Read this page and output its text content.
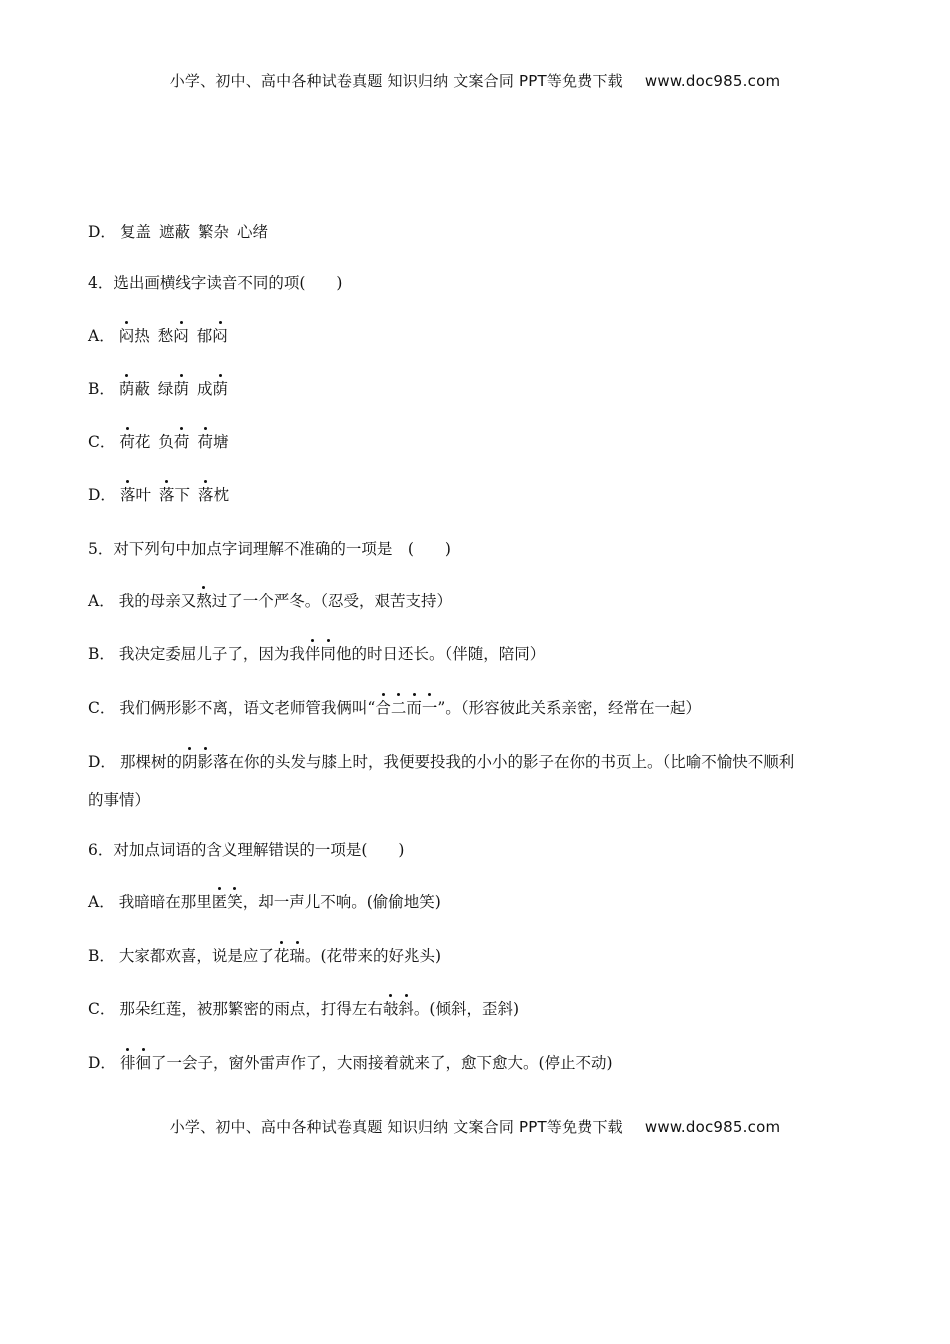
小学、初中、高中各种试卷真题 知识归纳 文案合同 PPT等免费下载 www.doc985.com
D． 复盖 遮蔽 繁杂 心绪
4．选出画横线字读音不同的项(　　)
A． 闷热 愁闷 郁闷
B． 荫蔽 绿荫 成荫
C． 荷花 负荷 荷塘
D． 落叶 落下 落枕
5．对下列句中加点字词理解不准确的一项是　(　　)
A． 我的母亲又熬过了一个严冬。（忍受，艰苦支持）
B． 我决定委屈儿子了，因为我伴同他的时日还长。（伴随，陪同）
C． 我们俩形影不离，语文老师管我俩叫“合二而一”。（形容彼此关系亲密，经常在一起）
D． 那棵树的阴影落在你的头发与膝上时，我便要投我的小小的影子在你的书页上。（比喻不愉快不顺利
的事情）
6．对加点词语的含义理解错误的一项是(　　)
A． 我暗暗在那里匿笑，却一声儿不响。(偷偷地笑)
B． 大家都欢喜，说是应了花瑞。(花带来的好兆头)
C． 那朵红莲，被那繁密的雨点，打得左右攲斜。(倾斜，歪斜)
D． 徘徊了一会子，窗外雷声作了，大雨接着就来了，愈下愈大。(停止不动)
小学、初中、高中各种试卷真题 知识归纳 文案合同 PPT等免费下载 www.doc985.com
